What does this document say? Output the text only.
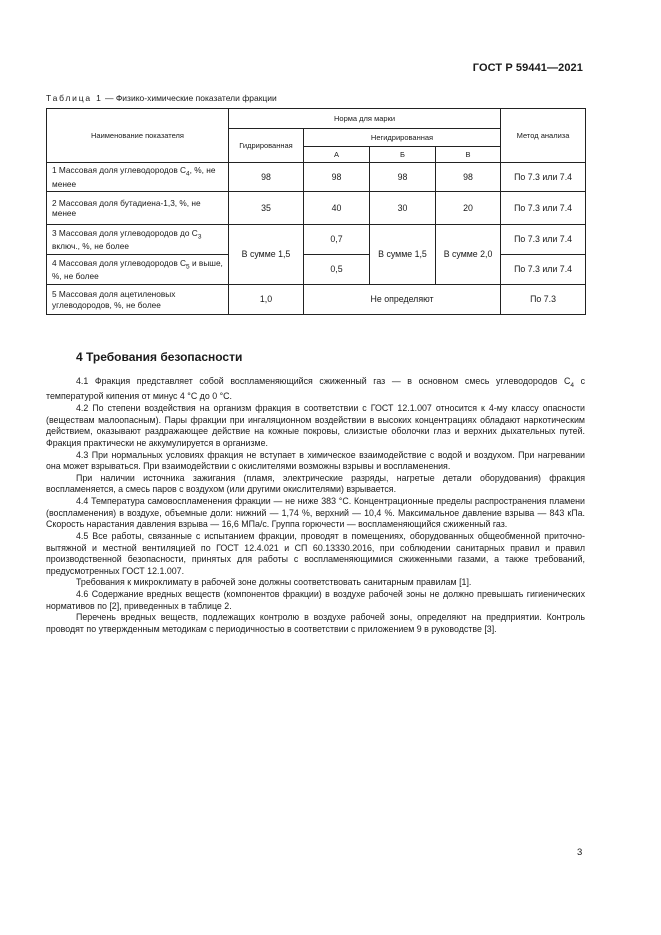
ГОСТ Р 59441—2021
Таблица 1 — Физико-химические показатели фракции
Наименование показателя	Норма для марки				Метод анализа
	Гидрированная	Негидрированная			
		А	Б	В	
1 Массовая доля углеводородов $С_4$, %, не менее	98	98	98	98	По 7.3 или 7.4
2 Массовая доля бутадиена-1,3, %, не менее	35	40	30	20	По 7.3 или 7.4
3 Массовая доля углеводородов до $С_3$ включ., %, не более	В сумме 1,5	0,7	В сумме 1,5	В сумме 2,0	По 7.3 или 7.4
4 Массовая доля углеводородов $С_5$ и выше, %, не более		0,5			По 7.3 или 7.4
5 Массовая доля ацетиленовых углеводородов, %, не более	1,0	Не определяют			По 7.3
4 Требования безопасности

4.1 Фракция представляет собой воспламеняющийся сжиженный газ — в основном смесь углеводородов $С_4$ с температурой кипения от минус 4 °С до 0 °С.

4.2 По степени воздействия на организм фракция в соответствии с ГОСТ 12.1.007 относится к 4-му классу опасности (веществам малоопасным). Пары фракции при ингаляционном воздействии в высоких концентрациях обладают наркотическим действием, оказывают раздражающее действие на кожные покровы, слизистые оболочки глаз и верхних дыхательных путей. Фракция практически не аккумулируется в организме.

4.3 При нормальных условиях фракция не вступает в химическое взаимодействие с водой и воздухом. При нагревании она может взрываться. При взаимодействии с окислителями возможны взрывы и воспламенения.

При наличии источника зажигания (пламя, электрические разряды, нагретые детали оборудования) фракция воспламеняется, а смесь паров с воздухом (или другими окислителями) взрывается.

4.4 Температура самовоспламенения фракции — не ниже 383 °С. Концентрационные пределы распространения пламени (воспламенения) в воздухе, объемные доли: нижний — 1,74 %, верхний — 10,4 %. Максимальное давление взрыва — 843 кПа. Скорость нарастания давления взрыва — 16,6 МПа/с. Группа горючести — воспламеняющийся сжиженный газ.

4.5 Все работы, связанные с испытанием фракции, проводят в помещениях, оборудованных общеобменной приточно-вытяжной и местной вентиляцией по ГОСТ 12.4.021 и СП 60.13330.2016, при соблюдении санитарных правил и правил производственной безопасности, принятых для работы с воспламеняющимися сжиженными газами, а также требований, предусмотренных ГОСТ 12.1.007.

Требования к микроклимату в рабочей зоне должны соответствовать санитарным правилам [1].

4.6 Содержание вредных веществ (компонентов фракции) в воздухе рабочей зоны не должно превышать гигиенических нормативов по [2], приведенных в таблице 2.

Перечень вредных веществ, подлежащих контролю в воздухе рабочей зоны, определяют на предприятии. Контроль проводят по утвержденным методикам с периодичностью в соответствии с приложением 9 в руководстве [3].

3
